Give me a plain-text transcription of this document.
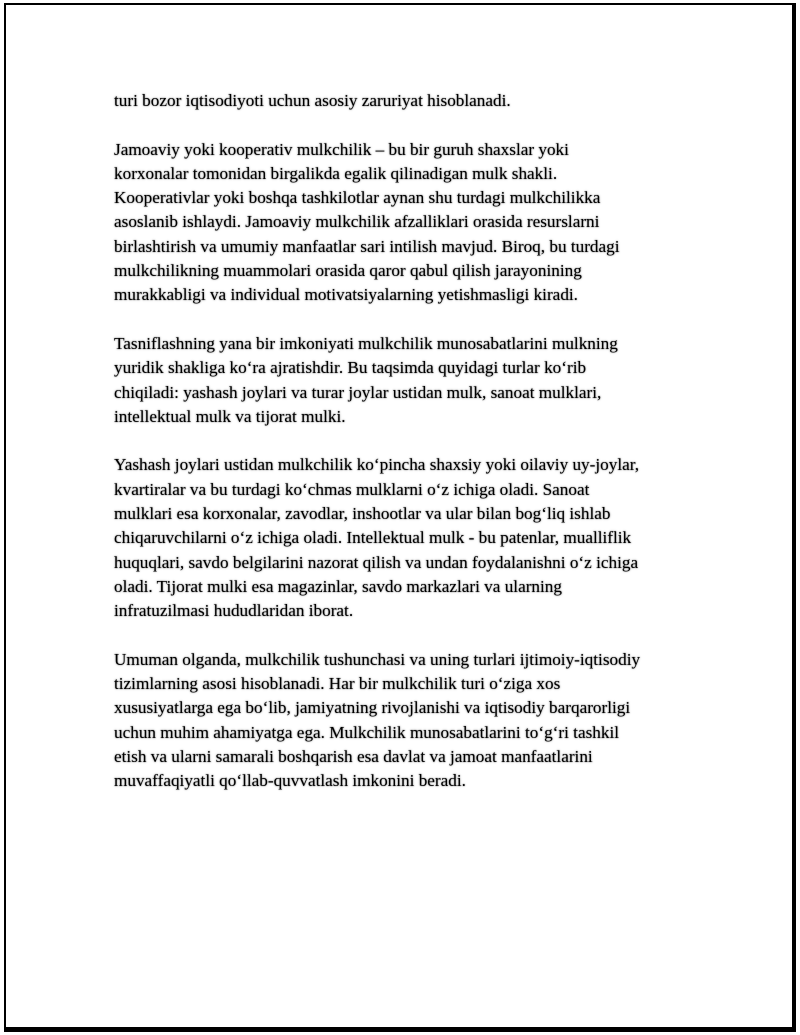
turi bozor iqtisodiyoti uchun asosiy zaruriyat hisoblanadi.
Jamoaviy yoki kooperativ mulkchilik – bu bir guruh shaxslar yoki
korxonalar tomonidan birgalikda egalik qilinadigan mulk shakli.
Kooperativlar yoki boshqa tashkilotlar aynan shu turdagi mulkchilikka
asoslanib ishlaydi. Jamoaviy mulkchilik afzalliklari orasida resurslarni
birlashtirish va umumiy manfaatlar sari intilish mavjud. Biroq, bu turdagi
mulkchilikning muammolari orasida qaror qabul qilish jarayonining
murakkabligi va individual motivatsiyalarning yetishmasligi kiradi.
Tasniflashning yana bir imkoniyati mulkchilik munosabatlarini mulkning
yuridik shakliga koʻra ajratishdir. Bu taqsimda quyidagi turlar koʻrib
chiqiladi: yashash joylari va turar joylar ustidan mulk, sanoat mulklari,
intellektual mulk va tijorat mulki.
Yashash joylari ustidan mulkchilik koʻpincha shaxsiy yoki oilaviy uy-joylar,
kvartiralar va bu turdagi koʻchmas mulklarni oʻz ichiga oladi. Sanoat
mulklari esa korxonalar, zavodlar, inshootlar va ular bilan bogʻliq ishlab
chiqaruvchilarni oʻz ichiga oladi. Intellektual mulk - bu patenlar, mualliflik
huquqlari, savdo belgilarini nazorat qilish va undan foydalanishni oʻz ichiga
oladi. Tijorat mulki esa magazinlar, savdo markazlari va ularning
infratuzilmasi hududlaridan iborat.
Umuman olganda, mulkchilik tushunchasi va uning turlari ijtimoiy-iqtisodiy
tizimlarning asosi hisoblanadi. Har bir mulkchilik turi oʻziga xos
xususiyatlarga ega boʻlib, jamiyatning rivojlanishi va iqtisodiy barqarorligi
uchun muhim ahamiyatga ega. Mulkchilik munosabatlarini toʻgʻri tashkil
etish va ularni samarali boshqarish esa davlat va jamoat manfaatlarini
muvaffaqiyatli qoʻllab-quvvatlash imkonini beradi.
